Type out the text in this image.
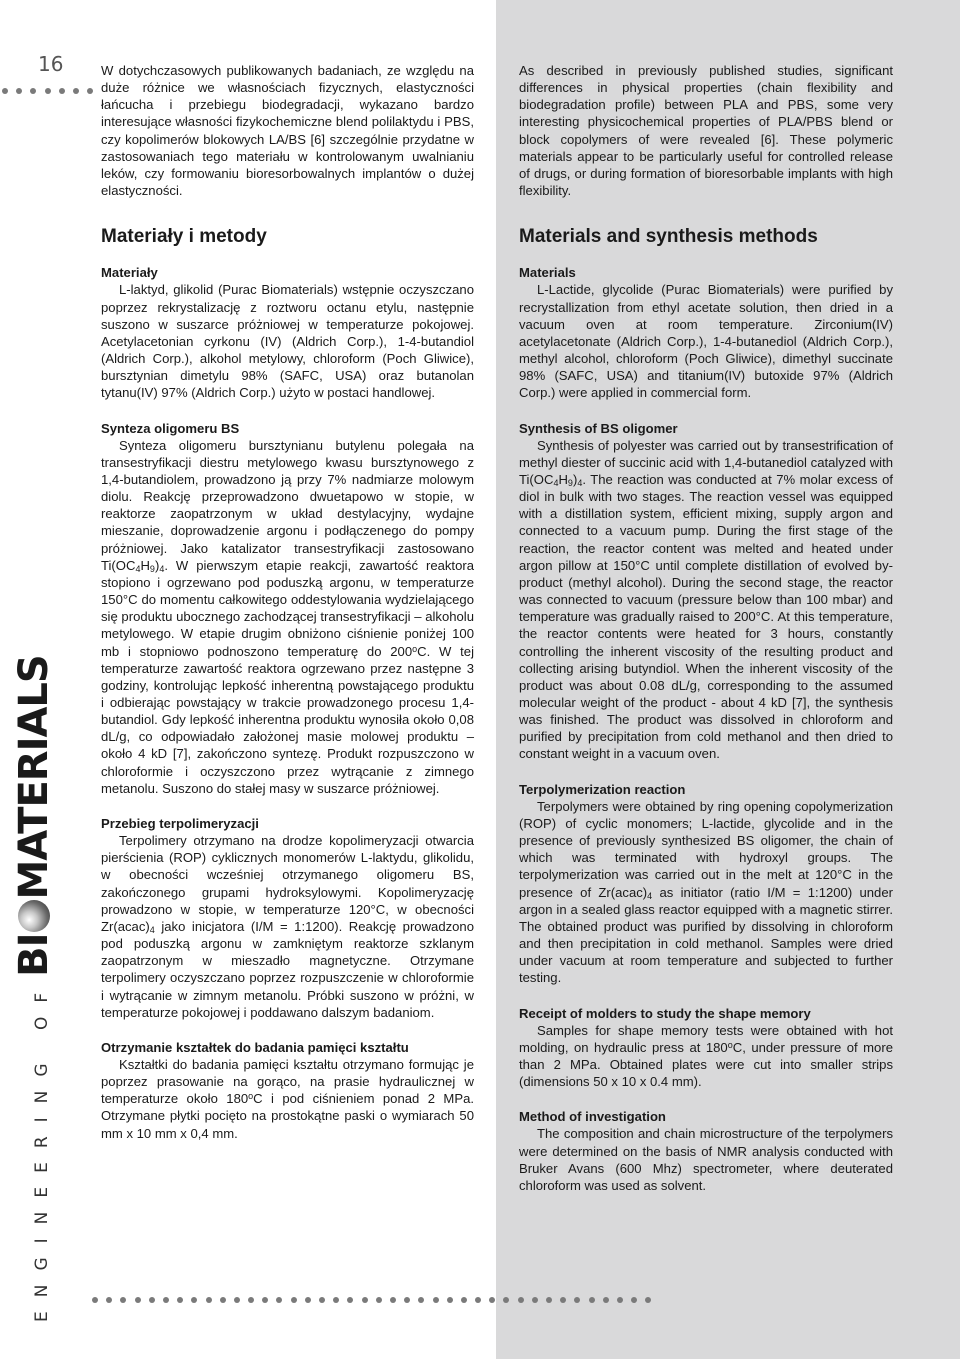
16
ENGINEERING OF
BI
MATERIALS

W dotychczasowych publikowanych badaniach, ze względu na duże różnice we własnościach fizycznych, elastyczności łańcucha i przebiegu biodegradacji, wykazano bardzo interesujące własności fizykochemiczne blend polilaktydu i PBS, czy kopolimerów blokowych LA/BS [6] szczególnie przydatne w zastosowaniach tego materiału w kontrolowanym uwalnianiu leków, czy formowaniu bioresorbowalnych implantów o dużej elastyczności.

Materiały i metody
Materiały

L-laktyd, glikolid (Purac Biomaterials) wstępnie oczyszczano poprzez rekrystalizację z roztworu octanu etylu, następnie suszono w suszarce próżniowej w temperaturze pokojowej. Acetylacetonian cyrkonu (IV) (Aldrich Corp.), 1-4-butandiol (Aldrich Corp.), alkohol metylowy, chloroform (Poch Gliwice), bursztynian dimetylu 98% (SAFC, USA) oraz butanolan tytanu(IV) 97% (Aldrich Corp.) użyto w postaci handlowej.

Synteza oligomeru BS

Synteza oligomeru bursztynianu butylenu polegała na transestryfikacji diestru metylowego kwasu bursztynowego z 1,4-butandiolem, prowadzono ją przy 7% nadmiarze molowym diolu. Reakcję przeprowadzono dwuetapowo w stopie, w reaktorze zaopatrzonym w układ destylacyjny, wydajne mieszanie, doprowadzenie argonu i podłączenego do pompy próżniowej. Jako katalizator transestryfikacji zastosowano $Ti(OC_4H_9)_4$. W pierwszym etapie reakcji, zawartość reaktora stopiono i ogrzewano pod poduszką argonu, w temperaturze 150°C do momentu całkowitego oddestylowania wydzielającego się produktu ubocznego zachodzącej transestryfikacji – alkoholu metylowego. W etapie drugim obniżono ciśnienie poniżej 100 mb i stopniowo podnoszono temperaturę do 200$^o$C. W tej temperaturze zawartość reaktora ogrzewano przez następne 3 godziny, kontrolując lepkość inherentną powstającego produktu i odbierając powstający w trakcie prowadzonego procesu 1,4-butandiol. Gdy lepkość inherentna produktu wynosiła około 0,08 dL/g, co odpowiadało założonej masie molowej produktu – około 4 kD [7], zakończono syntezę. Produkt rozpuszczono w chloroformie i oczyszczono przez wytrącanie z zimnego metanolu. Suszono do stałej masy w suszarce próżniowej.

Przebieg terpolimeryzacji

Terpolimery otrzymano na drodze kopolimeryzacji otwarcia pierścienia (ROP) cyklicznych monomerów L-laktydu, glikolidu, w obecności wcześniej otrzymanego oligomeru BS, zakończonego grupami hydroksylowymi. Kopolimeryzację prowadzono w stopie, w temperaturze 120°C, w obecności $Zr(acac)_4$ jako inicjatora (I/M = 1:1200). Reakcję prowadzono pod poduszką argonu w zamkniętym reaktorze szklanym zaopatrzonym w mieszadło magnetyczne. Otrzymane terpolimery oczyszczano poprzez rozpuszczenie w chloroformie i wytrącanie w zimnym metanolu. Próbki suszono w próżni, w temperaturze pokojowej i poddawano dalszym badaniom.

Otrzymanie kształtek do badania pamięci kształtu

Kształtki do badania pamięci kształtu otrzymano formując je poprzez prasowanie na gorąco, na prasie hydraulicznej w temperaturze około 180$^o$C i pod ciśnieniem ponad 2 MPa. Otrzymane płytki pocięto na prostokątne paski o wymiarach 50 mm x 10 mm x 0,4 mm.

As described in previously published studies, significant differences in physical properties (chain flexibility and biodegradation profile) between PLA and PBS, some very interesting physicochemical properties of PLA/PBS blend or block copolymers of were revealed [6]. These polymeric materials appear to be particularly useful for controlled release of drugs, or during formation of bioresorbable implants with high flexibility.

Materials and synthesis methods
Materials

L-Lactide, glycolide (Purac Biomaterials) were purified by recrystallization from ethyl acetate solution, then dried in a vacuum oven at room temperature. Zirconium(IV) acetylacetonate (Aldrich Corp.), 1-4-butanediol (Aldrich Corp.), methyl alcohol, chloroform (Poch Gliwice), dimethyl succinate 98% (SAFC, USA) and titanium(IV) butoxide 97% (Aldrich Corp.) were applied in commercial form.

Synthesis of BS oligomer

Synthesis of polyester was carried out by transestrification of methyl diester of succinic acid with 1,4-butanediol catalyzed with $Ti(OC_4H_9)_4$. The reaction was conducted at 7% molar excess of diol in bulk with two stages. The reaction vessel was equipped with a distillation system, efficient mixing, supply argon and connected to a vacuum pump. During the first stage of the reaction, the reactor content was melted and heated under argon pillow at 150°C until complete distillation of evolved by-product (methyl alcohol). During the second stage, the reactor was connected to vacuum (pressure below than 100 mbar) and temperature was gradually raised to 200°C. At this temperature, the reactor contents were heated for 3 hours, constantly controlling the inherent viscosity of the resulting product and collecting arising butyndiol. When the inherent viscosity of the product was about 0.08 dL/g, corresponding to the assumed molecular weight of the product - about 4 kD [7], the synthesis was finished. The product was dissolved in chloroform and purified by precipitation from cold methanol and then dried to constant weight in a vacuum oven.

Terpolymerization reaction

Terpolymers were obtained by ring opening copolymerization (ROP) of cyclic monomers; L-lactide, glycolide and in the presence of previously synthesized BS oligomer, the chain of which was terminated with hydroxyl groups. The terpolymerization was carried out in the melt at 120°C in the presence of $Zr(acac)_4$ as initiator (ratio I/M = 1:1200) under argon in a sealed glass reactor equipped with a magnetic stirrer. The obtained product was purified by dissolving in chloroform and then precipitation in cold methanol. Samples were dried under vacuum at room temperature and subjected to further testing.

Receipt of molders to study the shape memory

Samples for shape memory tests were obtained with hot molding, on hydraulic press at 180$^o$C, under pressure of more than 2 MPa. Obtained plates were cut into smaller strips (dimensions 50 x 10 x 0.4 mm).

Method of investigation

The composition and chain microstructure of the terpolymers were determined on the basis of NMR analysis conducted with Bruker Avans (600 Mhz) spectrometer, where deuterated chloroform was used as solvent.
